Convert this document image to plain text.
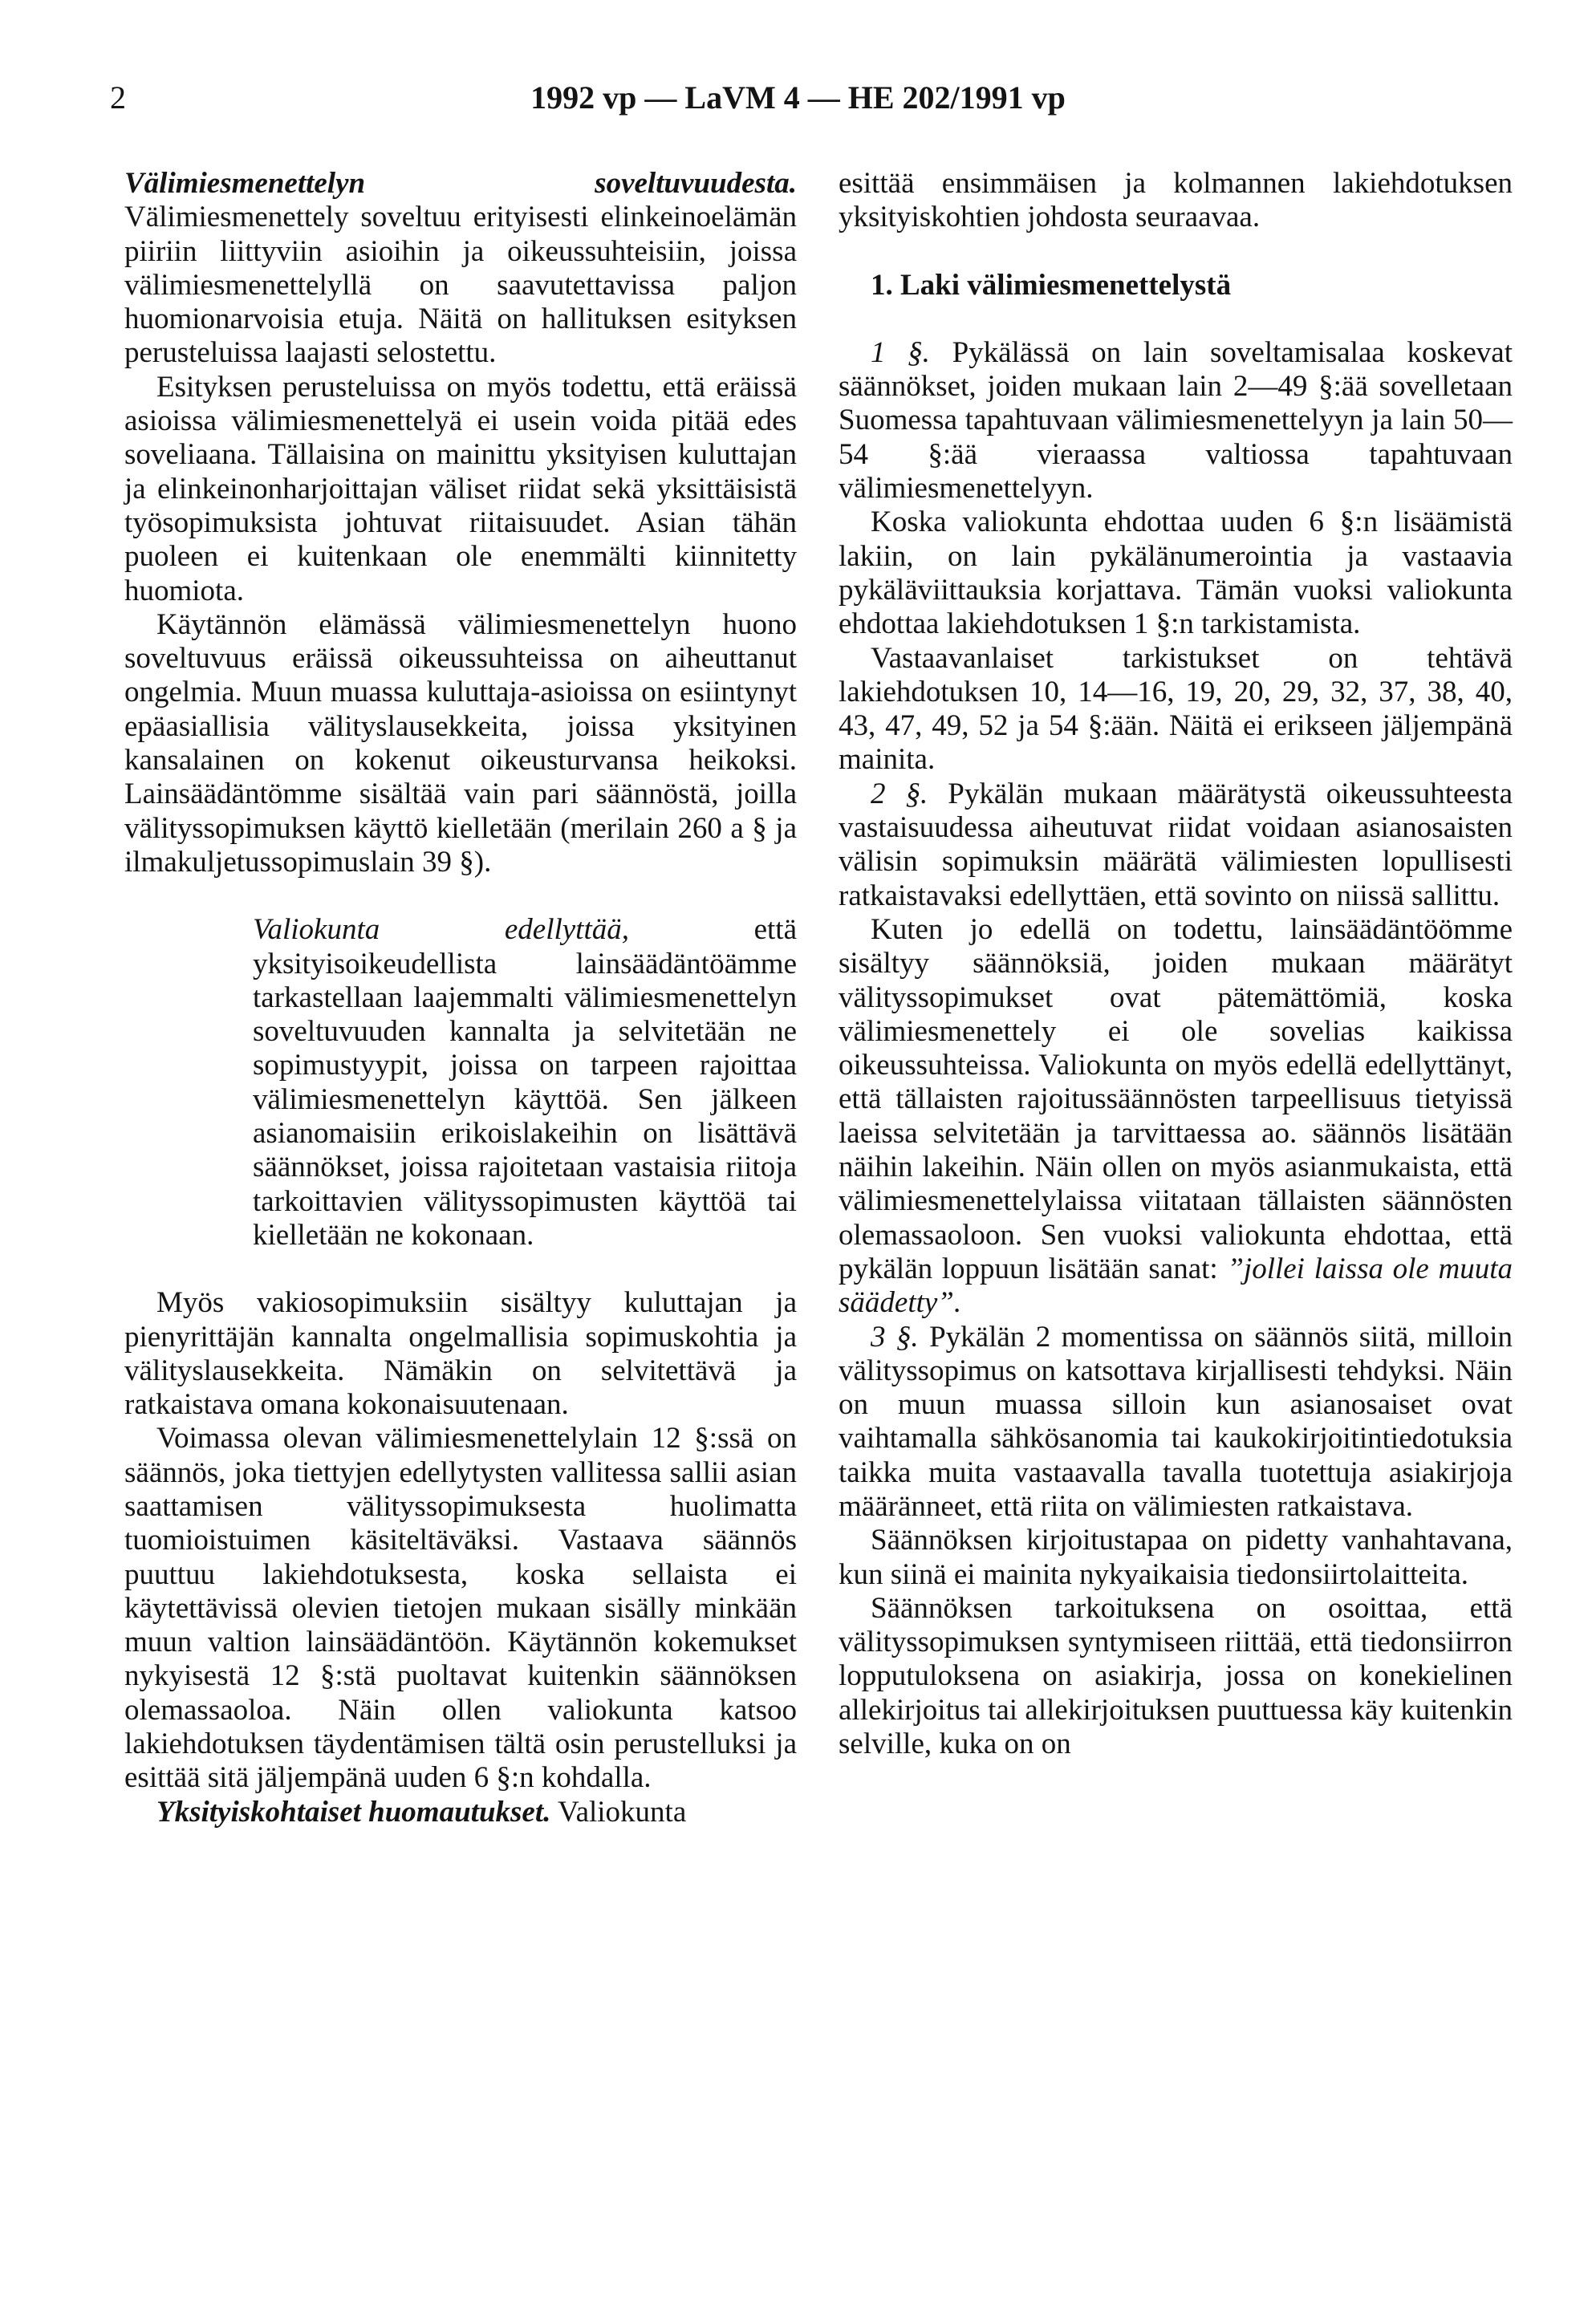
2	1992 vp — LaVM 4 — HE 202/1991 vp

Välimiesmenettelyn soveltuvuudesta. Välimiesmenettely soveltuu erityisesti elinkeinoelämän piiriin liittyviin asioihin ja oikeussuhteisiin, joissa välimiesmenettelyllä on saavutettavissa paljon huomionarvoisia etuja. Näitä on hallituksen esityksen perusteluissa laajasti selostettu.

Esityksen perusteluissa on myös todettu, että eräissä asioissa välimiesmenettelyä ei usein voida pitää edes soveliaana. Tällaisina on mainittu yksityisen kuluttajan ja elinkeinonharjoittajan väliset riidat sekä yksittäisistä työsopimuksista johtuvat riitaisuudet. Asian tähän puoleen ei kuitenkaan ole enemmälti kiinnitetty huomiota.

Käytännön elämässä välimiesmenettelyn huono soveltuvuus eräissä oikeussuhteissa on aiheuttanut ongelmia. Muun muassa kuluttaja-asioissa on esiintynyt epäasiallisia välityslausekkeita, joissa yksityinen kansalainen on kokenut oikeusturvansa heikoksi. Lainsäädäntömme sisältää vain pari säännöstä, joilla välityssopimuksen käyttö kielletään (merilain 260 a § ja ilmakuljetussopimuslain 39 §).

Valiokunta edellyttää, että yksityisoikeudellista lainsäädäntöämme tarkastellaan laajemmalti välimiesmenettelyn soveltuvuuden kannalta ja selvitetään ne sopimustyypit, joissa on tarpeen rajoittaa välimiesmenettelyn käyttöä. Sen jälkeen asianomaisiin erikoislakeihin on lisättävä säännökset, joissa rajoitetaan vastaisia riitoja tarkoittavien välityssopimusten käyttöä tai kielletään ne kokonaan.

Myös vakiosopimuksiin sisältyy kuluttajan ja pienyrittäjän kannalta ongelmallisia sopimuskohtia ja välityslausekkeita. Nämäkin on selvitettävä ja ratkaistava omana kokonaisuutenaan.

Voimassa olevan välimiesmenettelylain 12 §:ssä on säännös, joka tiettyjen edellytysten vallitessa sallii asian saattamisen välityssopimuksesta huolimatta tuomioistuimen käsiteltäväksi. Vastaava säännös puuttuu lakiehdotuksesta, koska sellaista ei käytettävissä olevien tietojen mukaan sisälly minkään muun valtion lainsäädäntöön. Käytännön kokemukset nykyisestä 12 §:stä puoltavat kuitenkin säännöksen olemassaoloa. Näin ollen valiokunta katsoo lakiehdotuksen täydentämisen tältä osin perustelluksi ja esittää sitä jäljempänä uuden 6 §:n kohdalla.

Yksityiskohtaiset huomautukset. Valiokunta

esittää ensimmäisen ja kolmannen lakiehdotuksen yksityiskohtien johdosta seuraavaa.

1. Laki välimiesmenettelystä

1 §. Pykälässä on lain soveltamisalaa koskevat säännökset, joiden mukaan lain 2—49 §:ää sovelletaan Suomessa tapahtuvaan välimiesmenettelyyn ja lain 50—54 §:ää vieraassa valtiossa tapahtuvaan välimiesmenettelyyn.

Koska valiokunta ehdottaa uuden 6 §:n lisäämistä lakiin, on lain pykälänumerointia ja vastaavia pykäläviittauksia korjattava. Tämän vuoksi valiokunta ehdottaa lakiehdotuksen 1 §:n tarkistamista.

Vastaavanlaiset tarkistukset on tehtävä lakiehdotuksen 10, 14—16, 19, 20, 29, 32, 37, 38, 40, 43, 47, 49, 52 ja 54 §:ään. Näitä ei erikseen jäljempänä mainita.

2 §. Pykälän mukaan määrätystä oikeussuhteesta vastaisuudessa aiheutuvat riidat voidaan asianosaisten välisin sopimuksin määrätä välimiesten lopullisesti ratkaistavaksi edellyttäen, että sovinto on niissä sallittu.

Kuten jo edellä on todettu, lainsäädäntöömme sisältyy säännöksiä, joiden mukaan määrätyt välityssopimukset ovat pätemättömiä, koska välimiesmenettely ei ole sovelias kaikissa oikeussuhteissa. Valiokunta on myös edellä edellyttänyt, että tällaisten rajoitussäännösten tarpeellisuus tietyissä laeissa selvitetään ja tarvittaessa ao. säännös lisätään näihin lakeihin. Näin ollen on myös asianmukaista, että välimiesmenettelylaissa viitataan tällaisten säännösten olemassaoloon. Sen vuoksi valiokunta ehdottaa, että pykälän loppuun lisätään sanat: ”jollei laissa ole muuta säädetty”.

3 §. Pykälän 2 momentissa on säännös siitä, milloin välityssopimus on katsottava kirjallisesti tehdyksi. Näin on muun muassa silloin kun asianosaiset ovat vaihtamalla sähkösanomia tai kaukokirjoitintiedotuksia taikka muita vastaavalla tavalla tuotettuja asiakirjoja määränneet, että riita on välimiesten ratkaistava.

Säännöksen kirjoitustapaa on pidetty vanhahtavana, kun siinä ei mainita nykyaikaisia tiedonsiirtolaitteita.

Säännöksen tarkoituksena on osoittaa, että välityssopimuksen syntymiseen riittää, että tiedonsiirron lopputuloksena on asiakirja, jossa on konekielinen allekirjoitus tai allekirjoituksen puuttuessa käy kuitenkin selville, kuka on on
